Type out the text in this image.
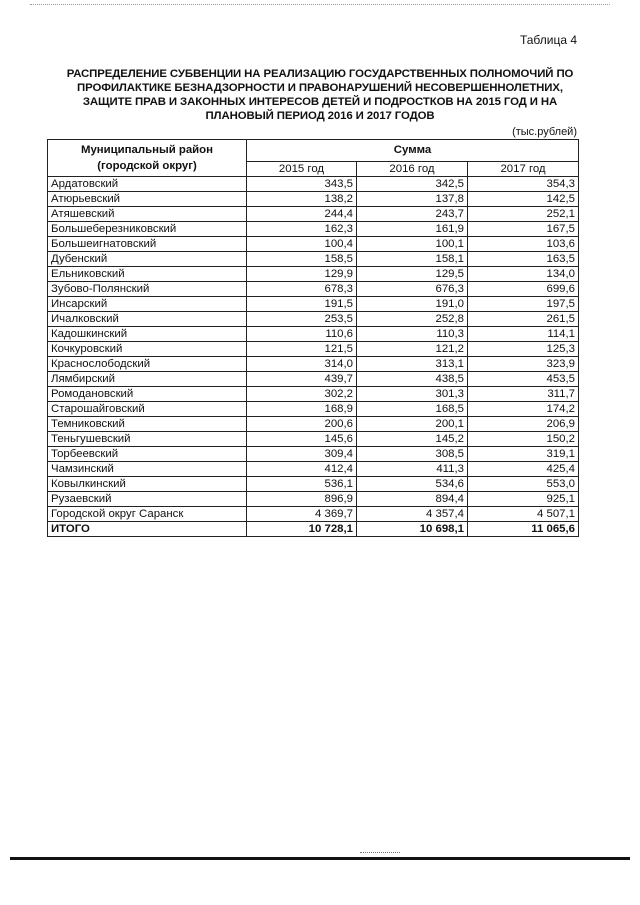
Таблица 4
РАСПРЕДЕЛЕНИЕ СУБВЕНЦИИ НА РЕАЛИЗАЦИЮ ГОСУДАРСТВЕННЫХ ПОЛНОМОЧИЙ ПО
ПРОФИЛАКТИКЕ БЕЗНАДЗОРНОСТИ И ПРАВОНАРУШЕНИЙ НЕСОВЕРШЕННОЛЕТНИХ,
ЗАЩИТЕ ПРАВ И ЗАКОННЫХ ИНТЕРЕСОВ ДЕТЕЙ И ПОДРОСТКОВ НА 2015 ГОД И НА
ПЛАНОВЫЙ ПЕРИОД 2016 И 2017 ГОДОВ
(тыс.рублей)
Муниципальный район
(городской округ)	Сумма		
	2015 год	2016 год	2017 год
Ардатовский	343,5	342,5	354,3
Атюрьевский	138,2	137,8	142,5
Атяшевский	244,4	243,7	252,1
Большеберезниковский	162,3	161,9	167,5
Большеигнатовский	100,4	100,1	103,6
Дубенский	158,5	158,1	163,5
Ельниковский	129,9	129,5	134,0
Зубово-Полянский	678,3	676,3	699,6
Инсарский	191,5	191,0	197,5
Ичалковский	253,5	252,8	261,5
Кадошкинский	110,6	110,3	114,1
Кочкуровский	121,5	121,2	125,3
Краснослободский	314,0	313,1	323,9
Лямбирский	439,7	438,5	453,5
Ромодановский	302,2	301,3	311,7
Старошайговский	168,9	168,5	174,2
Темниковский	200,6	200,1	206,9
Теньгушевский	145,6	145,2	150,2
Торбеевский	309,4	308,5	319,1
Чамзинский	412,4	411,3	425,4
Ковылкинский	536,1	534,6	553,0
Рузаевский	896,9	894,4	925,1
Городской округ Саранск	4 369,7	4 357,4	4 507,1
ИТОГО	10 728,1	10 698,1	11 065,6
